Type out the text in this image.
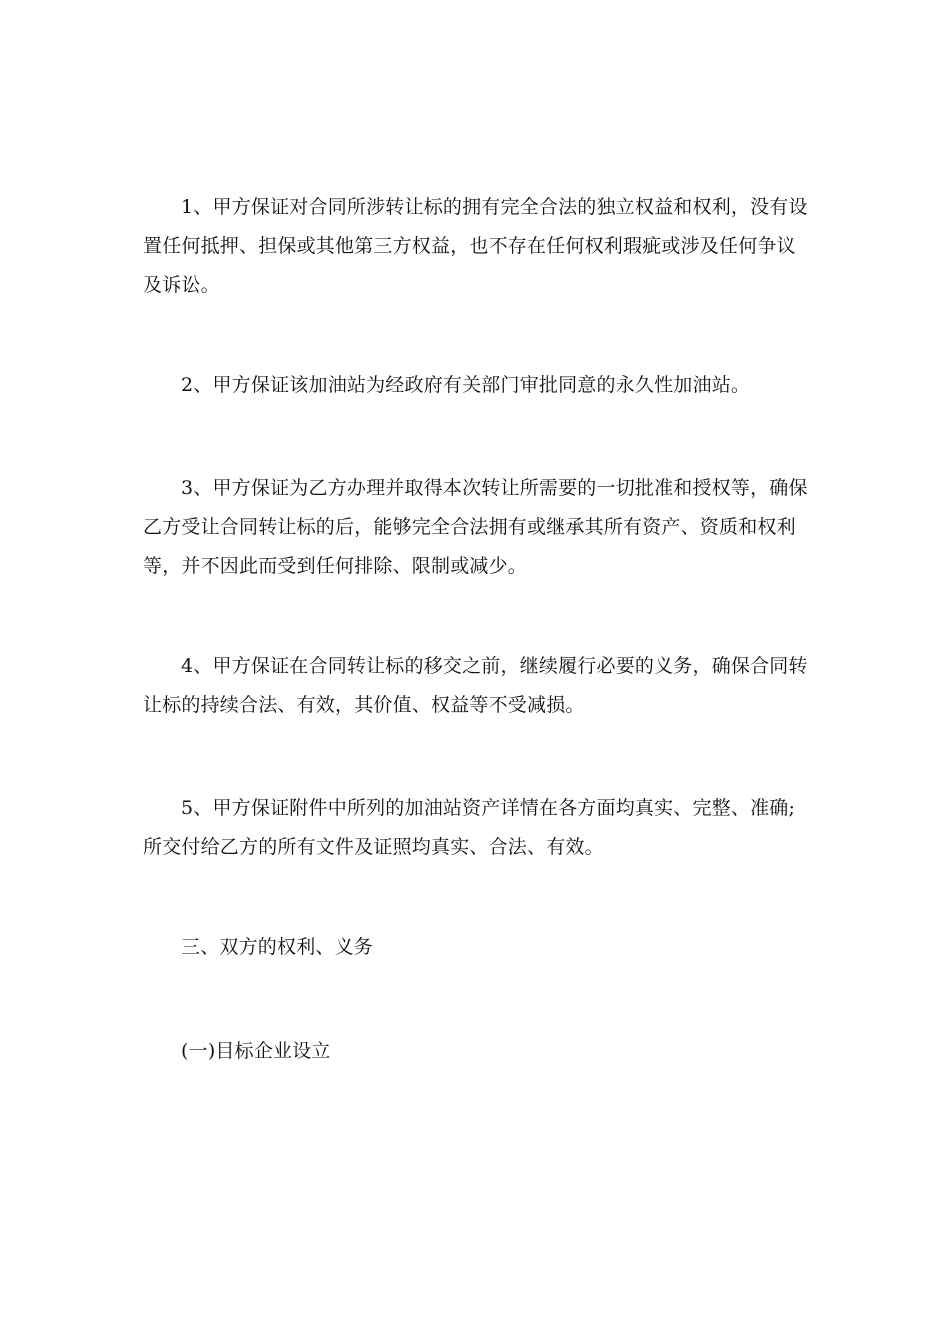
1、甲方保证对合同所涉转让标的拥有完全合法的独立权益和权利，没有设置任何抵押、担保或其他第三方权益，也不存在任何权利瑕疵或涉及任何争议及诉讼。

2、甲方保证该加油站为经政府有关部门审批同意的永久性加油站。

3、甲方保证为乙方办理并取得本次转让所需要的一切批准和授权等，确保乙方受让合同转让标的后，能够完全合法拥有或继承其所有资产、资质和权利等，并不因此而受到任何排除、限制或减少。

4、甲方保证在合同转让标的移交之前，继续履行必要的义务，确保合同转让标的持续合法、有效，其价值、权益等不受减损。

5、甲方保证附件中所列的加油站资产详情在各方面均真实、完整、准确;所交付给乙方的所有文件及证照均真实、合法、有效。

三、双方的权利、义务

(一)目标企业设立
